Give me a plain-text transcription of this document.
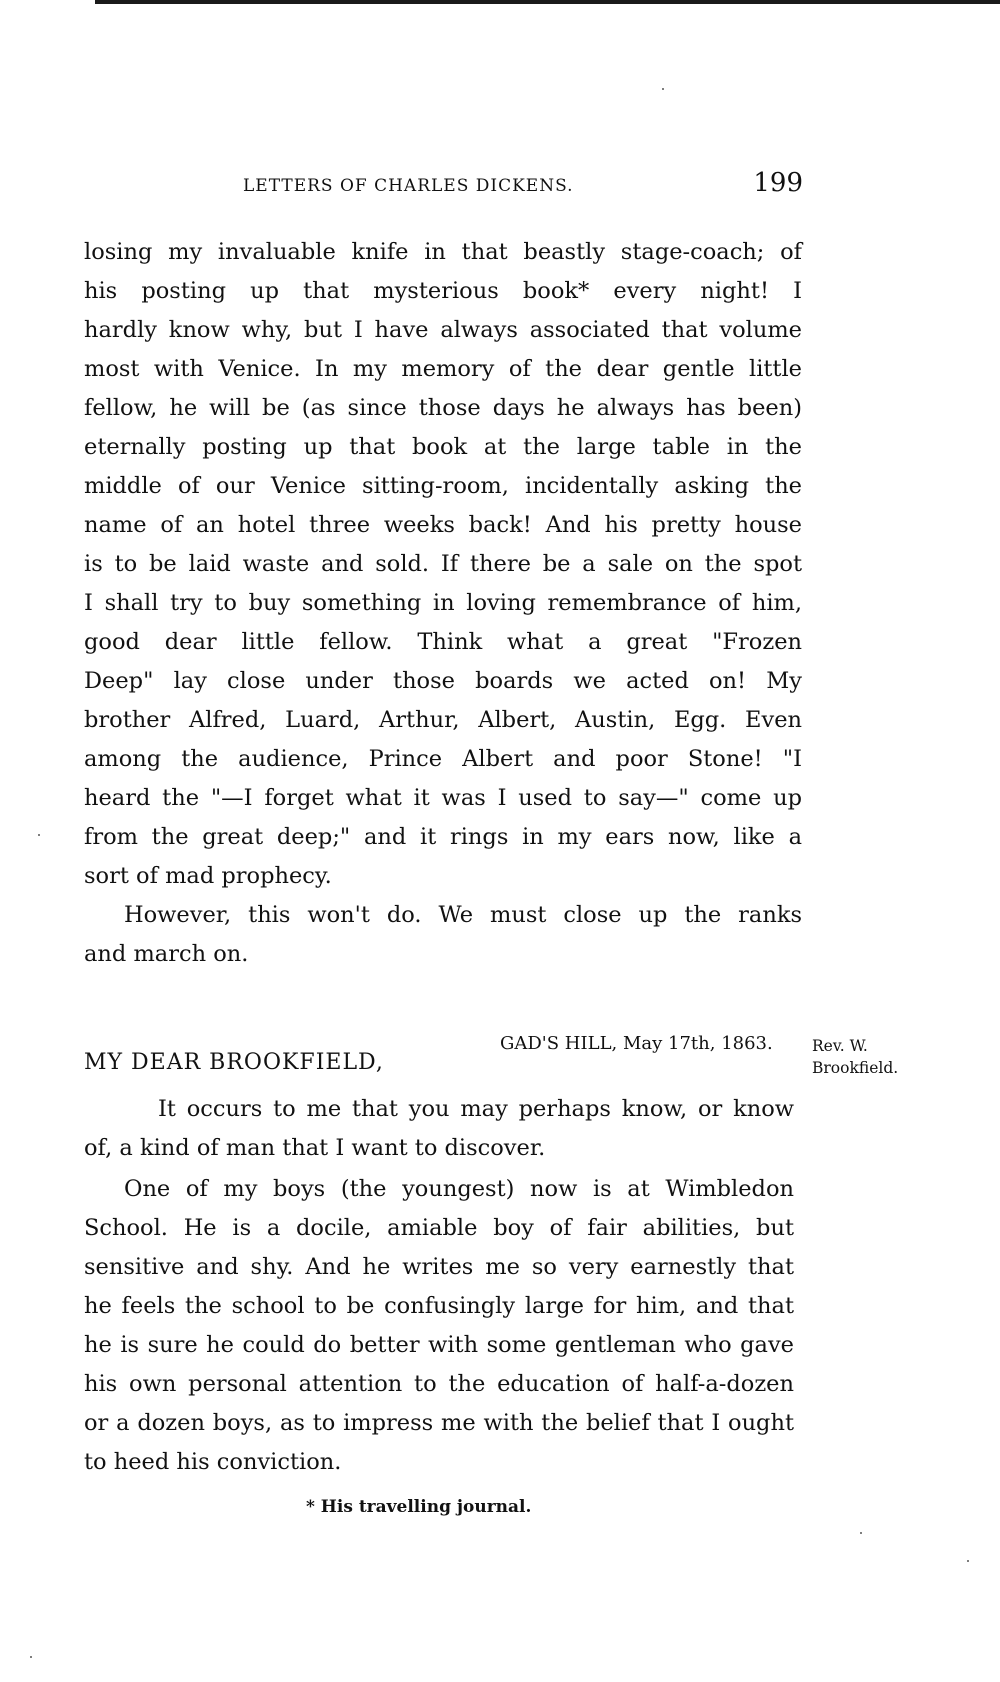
LETTERS OF CHARLES DICKENS.	199

losing my invaluable knife in that beastly stage-coach; of
his posting up that mysterious book* every night! I
hardly know why, but I have always associated that volume
most with Venice. In my memory of the dear gentle little
fellow, he will be (as since those days he always has been)
eternally posting up that book at the large table in the
middle of our Venice sitting-room, incidentally asking the
name of an hotel three weeks back! And his pretty house
is to be laid waste and sold. If there be a sale on the spot
I shall try to buy something in loving remembrance of him,
good dear little fellow. Think what a great "Frozen
Deep" lay close under those boards we acted on! My
brother Alfred, Luard, Arthur, Albert, Austin, Egg. Even
among the audience, Prince Albert and poor Stone! "I
heard the "—I forget what it was I used to say—" come up
from the great deep;" and it rings in my ears now, like a
sort of mad prophecy.

However, this won't do. We must close up the ranks
and march on.

GAD'S HILL, May 17th, 1863.	Rev. W.
Brookfield.
MY DEAR BROOKFIELD,

It occurs to me that you may perhaps know, or know
of, a kind of man that I want to discover.

One of my boys (the youngest) now is at Wimbledon
School. He is a docile, amiable boy of fair abilities, but
sensitive and shy. And he writes me so very earnestly that
he feels the school to be confusingly large for him, and that
he is sure he could do better with some gentleman who gave
his own personal attention to the education of half-a-dozen
or a dozen boys, as to impress me with the belief that I ought
to heed his conviction.

* His travelling journal.
